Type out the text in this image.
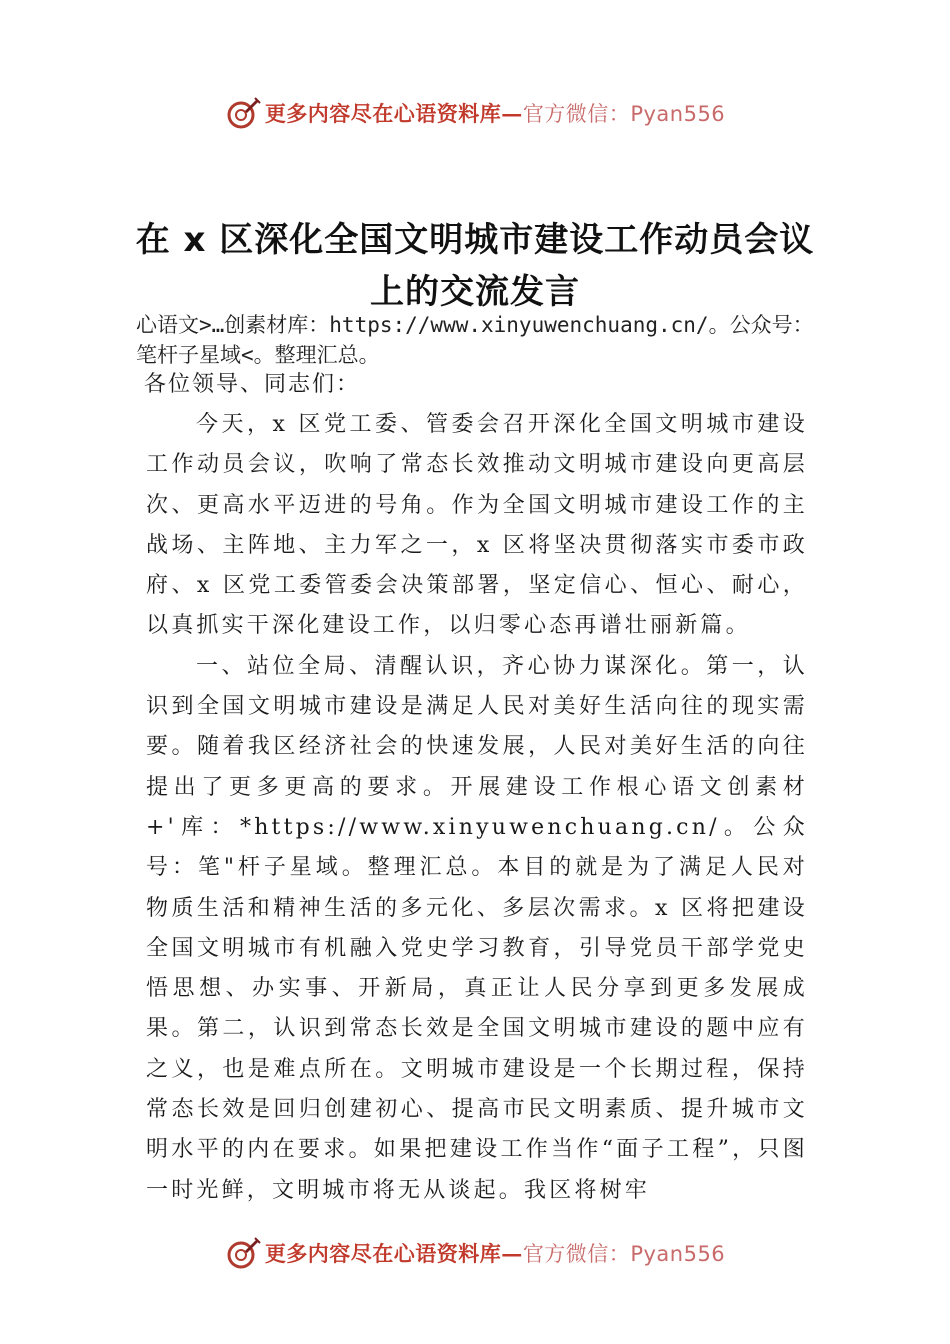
更多内容尽在心语资料库—官方微信：Pyan556
在 x 区深化全国文明城市建设工作动员会议上的交流发言
心语文>…创素材库：https://www.xinyuwenchuang.cn/。公众号：笔杆子星域<。整理汇总。
各位领导、同志们：

今天，x 区党工委、管委会召开深化全国文明城市建设工作动员会议，吹响了常态长效推动文明城市建设向更高层次、更高水平迈进的号角。作为全国文明城市建设工作的主战场、主阵地、主力军之一，x 区将坚决贯彻落实市委市政府、x 区党工委管委会决策部署，坚定信心、恒心、耐心，以真抓实干深化建设工作，以归零心态再谱壮丽新篇。

一、站位全局、清醒认识，齐心协力谋深化。第一，认识到全国文明城市建设是满足人民对美好生活向往的现实需要。随着我区经济社会的快速发展，人民对美好生活的向往提出了更多更高的要求。开展建设工作根心语文创素材+'库：*https://www.xinyuwenchuang.cn/。公众号：笔"杆子星域。整理汇总。本目的就是为了满足人民对物质生活和精神生活的多元化、多层次需求。x 区将把建设全国文明城市有机融入党史学习教育，引导党员干部学党史悟思想、办实事、开新局，真正让人民分享到更多发展成果。第二，认识到常态长效是全国文明城市建设的题中应有之义，也是难点所在。文明城市建设是一个长期过程，保持常态长效是回归创建初心、提高市民文明素质、提升城市文明水平的内在要求。如果把建设工作当作“面子工程”，只图一时光鲜，文明城市将无从谈起。我区将树牢

更多内容尽在心语资料库—官方微信：Pyan556
